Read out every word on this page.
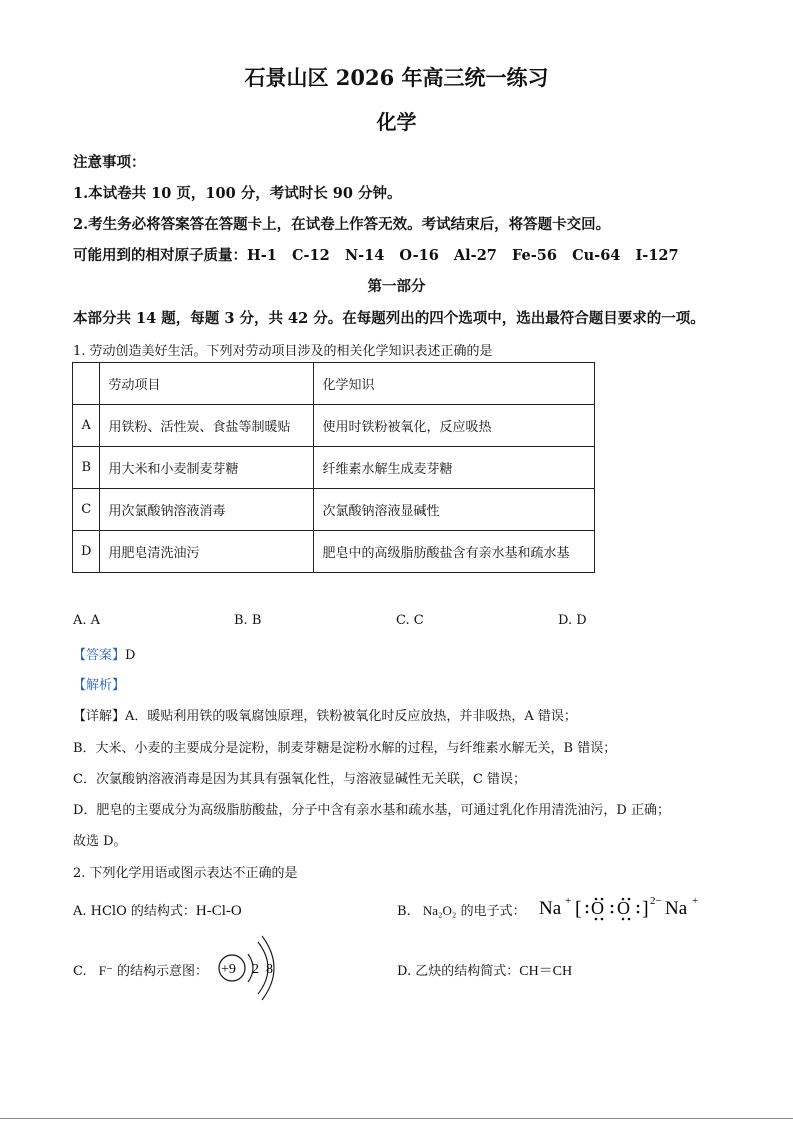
石景山区 2026 年高三统一练习
化学
注意事项：
1.本试卷共 10 页，100 分，考试时长 90 分钟。
2.考生务必将答案答在答题卡上，在试卷上作答无效。考试结束后，将答题卡交回。
可能用到的相对原子质量：H-1   C-12   N-14   O-16   Al-27   Fe-56   Cu-64   I-127
第一部分
本部分共 14 题，每题 3 分，共 42 分。在每题列出的四个选项中，选出最符合题目要求的一项。
1. 劳动创造美好生活。下列对劳动项目涉及的相关化学知识表述正确的是
	劳动项目	化学知识
A	用铁粉、活性炭、食盐等制暖贴	使用时铁粉被氧化，反应吸热
B	用大米和小麦制麦芽糖	纤维素水解生成麦芽糖
C	用次氯酸钠溶液消毒	次氯酸钠溶液显碱性
D	用肥皂清洗油污	肥皂中的高级脂肪酸盐含有亲水基和疏水基
A. A	B. B	C. C	D. D
【答案】D
【解析】
【详解】A．暖贴利用铁的吸氧腐蚀原理，铁粉被氧化时反应放热，并非吸热，A 错误；
B．大米、小麦的主要成分是淀粉，制麦芽糖是淀粉水解的过程，与纤维素水解无关，B 错误；
C．次氯酸钠溶液消毒是因为其具有强氧化性，与溶液显碱性无关联，C 错误；
D．肥皂的主要成分为高级脂肪酸盐，分子中含有亲水基和疏水基，可通过乳化作用清洗油污，D 正确；
故选 D。
2. 下列化学用语或图示表达不正确的是
A. HClO 的结构式：H-Cl-O	B. Na₂O₂ 的电子式： Na + [ O O ] 2− Na +
C. F⁻ 的结构示意图： +9 2 8	D. 乙炔的结构简式：CH＝CH
